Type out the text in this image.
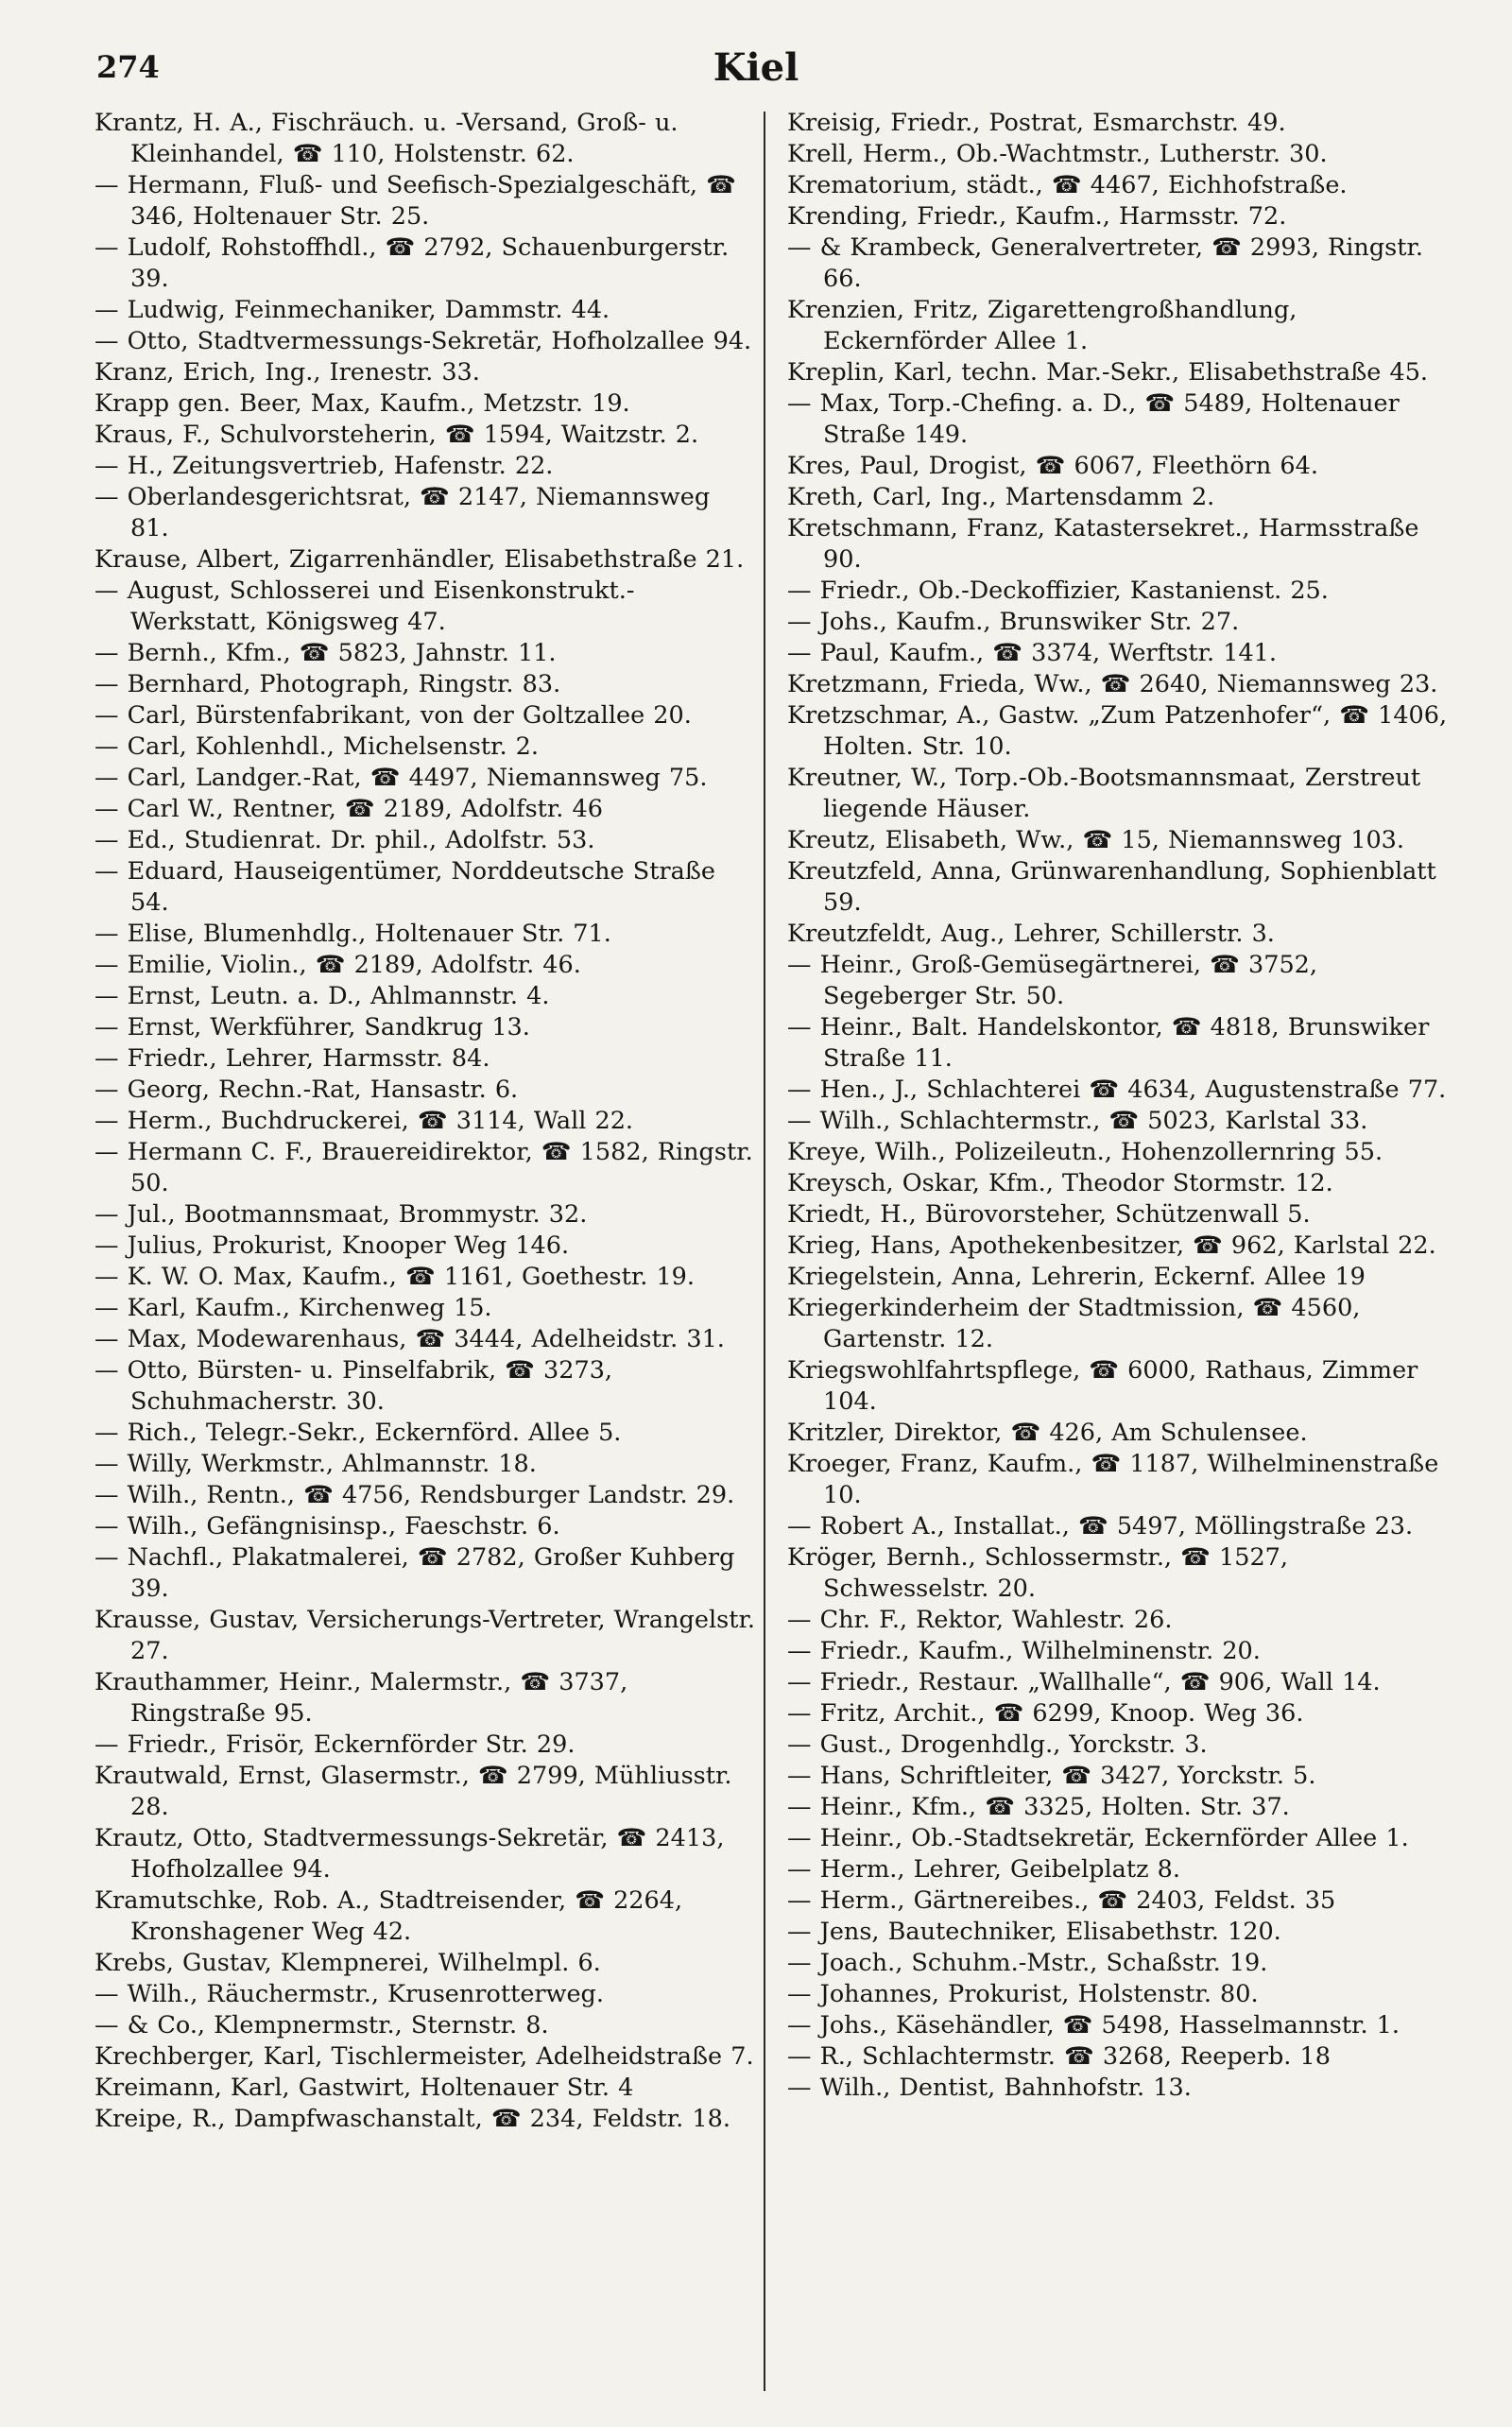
274	Kiel
Krantz, H. A., Fischräuch. u. -Versand, Groß- u. Kleinhandel, ☎ 110, Holstenstr. 62.
— Hermann, Fluß- und Seefisch-Spezialgeschäft, ☎ 346, Holtenauer Str. 25.
— Ludolf, Rohstoffhdl., ☎ 2792, Schauenburgerstr. 39.
— Ludwig, Feinmechaniker, Dammstr. 44.
— Otto, Stadtvermessungs-Sekretär, Hofholzallee 94.
Kranz, Erich, Ing., Irenestr. 33.
Krapp gen. Beer, Max, Kaufm., Metzstr. 19.
Kraus, F., Schulvorsteherin, ☎ 1594, Waitzstr. 2.
— H., Zeitungsvertrieb, Hafenstr. 22.
— Oberlandesgerichtsrat, ☎ 2147, Niemannsweg 81.
Krause, Albert, Zigarrenhändler, Elisabethstraße 21.
— August, Schlosserei und Eisenkonstrukt.-Werkstatt, Königsweg 47.
— Bernh., Kfm., ☎ 5823, Jahnstr. 11.
— Bernhard, Photograph, Ringstr. 83.
— Carl, Bürstenfabrikant, von der Goltzallee 20.
— Carl, Kohlenhdl., Michelsenstr. 2.
— Carl, Landger.-Rat, ☎ 4497, Niemannsweg 75.
— Carl W., Rentner, ☎ 2189, Adolfstr. 46
— Ed., Studienrat. Dr. phil., Adolfstr. 53.
— Eduard, Hauseigentümer, Norddeutsche Straße 54.
— Elise, Blumenhdlg., Holtenauer Str. 71.
— Emilie, Violin., ☎ 2189, Adolfstr. 46.
— Ernst, Leutn. a. D., Ahlmannstr. 4.
— Ernst, Werkführer, Sandkrug 13.
— Friedr., Lehrer, Harmsstr. 84.
— Georg, Rechn.-Rat, Hansastr. 6.
— Herm., Buchdruckerei, ☎ 3114, Wall 22.
— Hermann C. F., Brauereidirektor, ☎ 1582, Ringstr. 50.
— Jul., Bootmannsmaat, Brommystr. 32.
— Julius, Prokurist, Knooper Weg 146.
— K. W. O. Max, Kaufm., ☎ 1161, Goethestr. 19.
— Karl, Kaufm., Kirchenweg 15.
— Max, Modewarenhaus, ☎ 3444, Adelheidstr. 31.
— Otto, Bürsten- u. Pinselfabrik, ☎ 3273, Schuhmacherstr. 30.
— Rich., Telegr.-Sekr., Eckernförd. Allee 5.
— Willy, Werkmstr., Ahlmannstr. 18.
— Wilh., Rentn., ☎ 4756, Rendsburger Landstr. 29.
— Wilh., Gefängnisinsp., Faeschstr. 6.
— Nachfl., Plakatmalerei, ☎ 2782, Großer Kuhberg 39.
Krausse, Gustav, Versicherungs-Vertreter, Wrangelstr. 27.
Krauthammer, Heinr., Malermstr., ☎ 3737, Ringstraße 95.
— Friedr., Frisör, Eckernförder Str. 29.
Krautwald, Ernst, Glasermstr., ☎ 2799, Mühliusstr. 28.
Krautz, Otto, Stadtvermessungs-Sekretär, ☎ 2413, Hofholzallee 94.
Kramutschke, Rob. A., Stadtreisender, ☎ 2264, Kronshagener Weg 42.
Krebs, Gustav, Klempnerei, Wilhelmpl. 6.
— Wilh., Räuchermstr., Krusenrotterweg.
— & Co., Klempnermstr., Sternstr. 8.
Krechberger, Karl, Tischlermeister, Adelheidstraße 7.
Kreimann, Karl, Gastwirt, Holtenauer Str. 4
Kreipe, R., Dampfwaschanstalt, ☎ 234, Feldstr. 18.
Kreisig, Friedr., Postrat, Esmarchstr. 49.
Krell, Herm., Ob.-Wachtmstr., Lutherstr. 30.
Krematorium, städt., ☎ 4467, Eichhofstraße.
Krending, Friedr., Kaufm., Harmsstr. 72.
— & Krambeck, Generalvertreter, ☎ 2993, Ringstr. 66.
Krenzien, Fritz, Zigarettengroßhandlung, Eckernförder Allee 1.
Kreplin, Karl, techn. Mar.-Sekr., Elisabethstraße 45.
— Max, Torp.-Chefing. a. D., ☎ 5489, Holtenauer Straße 149.
Kres, Paul, Drogist, ☎ 6067, Fleethörn 64.
Kreth, Carl, Ing., Martensdamm 2.
Kretschmann, Franz, Katastersekret., Harmsstraße 90.
— Friedr., Ob.-Deckoffizier, Kastanienst. 25.
— Johs., Kaufm., Brunswiker Str. 27.
— Paul, Kaufm., ☎ 3374, Werftstr. 141.
Kretzmann, Frieda, Ww., ☎ 2640, Niemannsweg 23.
Kretzschmar, A., Gastw. „Zum Patzenhofer“, ☎ 1406, Holten. Str. 10.
Kreutner, W., Torp.-Ob.-Bootsmannsmaat, Zerstreut liegende Häuser.
Kreutz, Elisabeth, Ww., ☎ 15, Niemannsweg 103.
Kreutzfeld, Anna, Grünwarenhandlung, Sophienblatt 59.
Kreutzfeldt, Aug., Lehrer, Schillerstr. 3.
— Heinr., Groß-Gemüsegärtnerei, ☎ 3752, Segeberger Str. 50.
— Heinr., Balt. Handelskontor, ☎ 4818, Brunswiker Straße 11.
— Hen., J., Schlachterei ☎ 4634, Augustenstraße 77.
— Wilh., Schlachtermstr., ☎ 5023, Karlstal 33.
Kreye, Wilh., Polizeileutn., Hohenzollernring 55.
Kreysch, Oskar, Kfm., Theodor Stormstr. 12.
Kriedt, H., Bürovorsteher, Schützenwall 5.
Krieg, Hans, Apothekenbesitzer, ☎ 962, Karlstal 22.
Kriegelstein, Anna, Lehrerin, Eckernf. Allee 19
Kriegerkinderheim der Stadtmission, ☎ 4560, Gartenstr. 12.
Kriegswohlfahrtspflege, ☎ 6000, Rathaus, Zimmer 104.
Kritzler, Direktor, ☎ 426, Am Schulensee.
Kroeger, Franz, Kaufm., ☎ 1187, Wilhelminenstraße 10.
— Robert A., Installat., ☎ 5497, Möllingstraße 23.
Kröger, Bernh., Schlossermstr., ☎ 1527, Schwesselstr. 20.
— Chr. F., Rektor, Wahlestr. 26.
— Friedr., Kaufm., Wilhelminenstr. 20.
— Friedr., Restaur. „Wallhalle“, ☎ 906, Wall 14.
— Fritz, Archit., ☎ 6299, Knoop. Weg 36.
— Gust., Drogenhdlg., Yorckstr. 3.
— Hans, Schriftleiter, ☎ 3427, Yorckstr. 5.
— Heinr., Kfm., ☎ 3325, Holten. Str. 37.
— Heinr., Ob.-Stadtsekretär, Eckernförder Allee 1.
— Herm., Lehrer, Geibelplatz 8.
— Herm., Gärtnereibes., ☎ 2403, Feldst. 35
— Jens, Bautechniker, Elisabethstr. 120.
— Joach., Schuhm.-Mstr., Schaßstr. 19.
— Johannes, Prokurist, Holstenstr. 80.
— Johs., Käsehändler, ☎ 5498, Hasselmannstr. 1.
— R., Schlachtermstr. ☎ 3268, Reeperb. 18
— Wilh., Dentist, Bahnhofstr. 13.
